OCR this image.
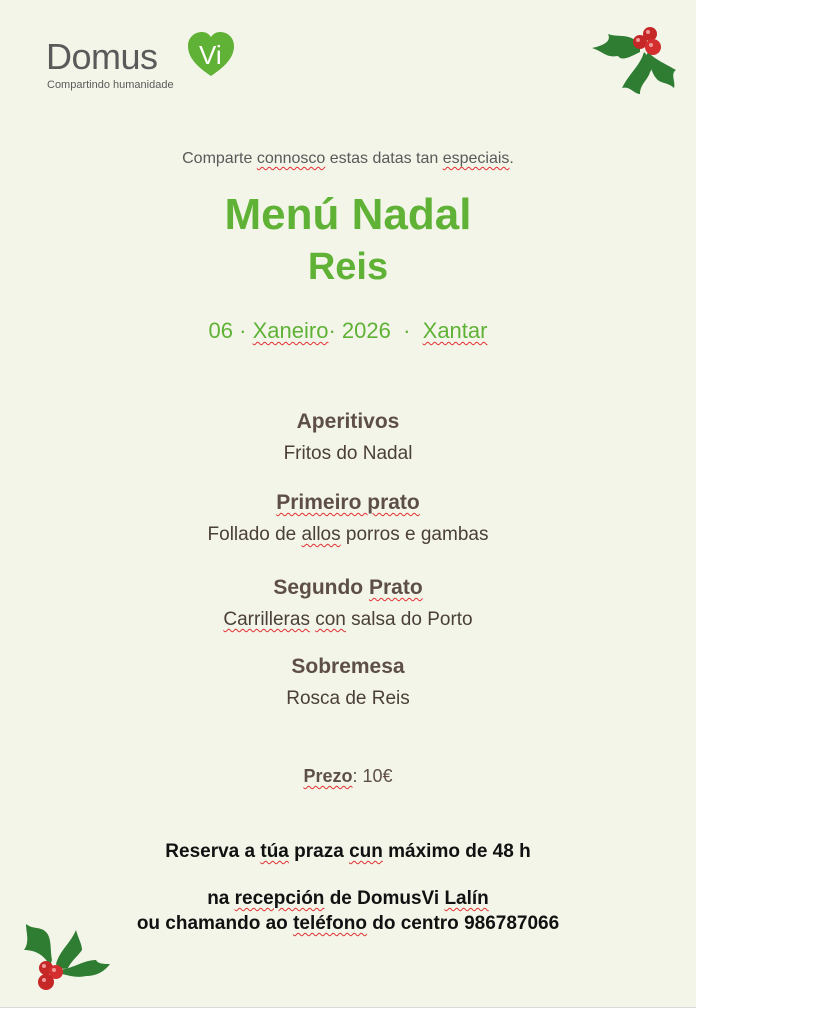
Domus Vi
Compartindo humanidade
Comparte connosco estas datas tan especiais.
Menú Nadal
Reis
06 · Xaneiro· 2026 · Xantar
Aperitivos
Fritos do Nadal
Primeiro prato
Follado de allos porros e gambas
Segundo Prato
Carrilleras con salsa do Porto
Sobremesa
Rosca de Reis
Prezo: 10€
Reserva a túa praza cun máximo de 48 h
na recepción de DomusVi Lalín
ou chamando ao teléfono do centro 986787066
